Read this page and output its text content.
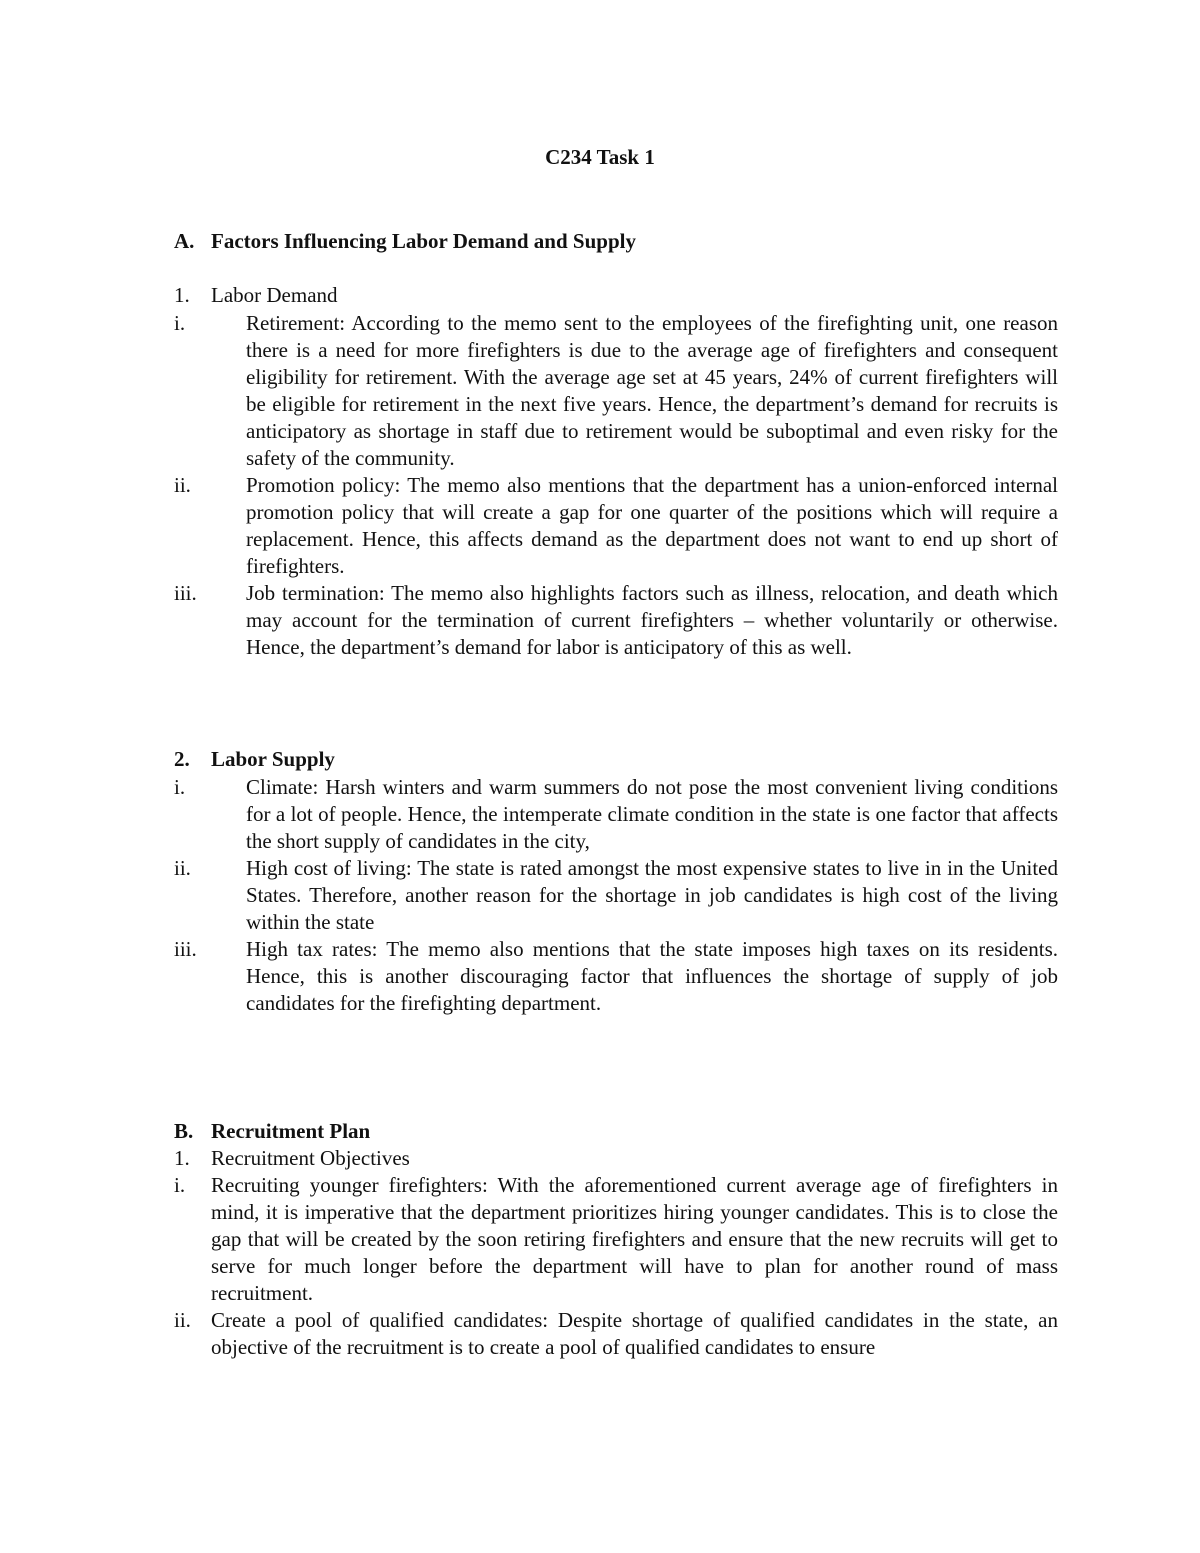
C234 Task 1
A. Factors Influencing Labor Demand and Supply
1. Labor Demand
i.	Retirement: According to the memo sent to the employees of the firefighting unit, one reason there is a need for more firefighters is due to the average age of firefighters and consequent eligibility for retirement. With the average age set at 45 years, 24% of current firefighters will be eligible for retirement in the next five years. Hence, the department’s demand for recruits is anticipatory as shortage in staff due to retirement would be suboptimal and even risky for the safety of the community.
ii.	Promotion policy: The memo also mentions that the department has a union-enforced internal promotion policy that will create a gap for one quarter of the positions which will require a replacement. Hence, this affects demand as the department does not want to end up short of firefighters.
iii. Job termination: The memo also highlights factors such as illness, relocation, and death which may account for the termination of current firefighters – whether voluntarily or otherwise. Hence, the department’s demand for labor is anticipatory of this as well.
2. Labor Supply
i.	Climate: Harsh winters and warm summers do not pose the most convenient living conditions for a lot of people. Hence, the intemperate climate condition in the state is one factor that affects the short supply of candidates in the city,
ii.	High cost of living: The state is rated amongst the most expensive states to live in in the United States. Therefore, another reason for the shortage in job candidates is high cost of the living within the state
iii. High tax rates: The memo also mentions that the state imposes high taxes on its residents. Hence, this is another discouraging factor that influences the shortage of supply of job candidates for the firefighting department.
B. Recruitment Plan
1. Recruitment Objectives
i. Recruiting younger firefighters: With the aforementioned current average age of firefighters in mind, it is imperative that the department prioritizes hiring younger candidates. This is to close the gap that will be created by the soon retiring firefighters and ensure that the new recruits will get to serve for much longer before the department will have to plan for another round of mass recruitment.
ii. Create a pool of qualified candidates: Despite shortage of qualified candidates in the state, an objective of the recruitment is to create a pool of qualified candidates to ensure
